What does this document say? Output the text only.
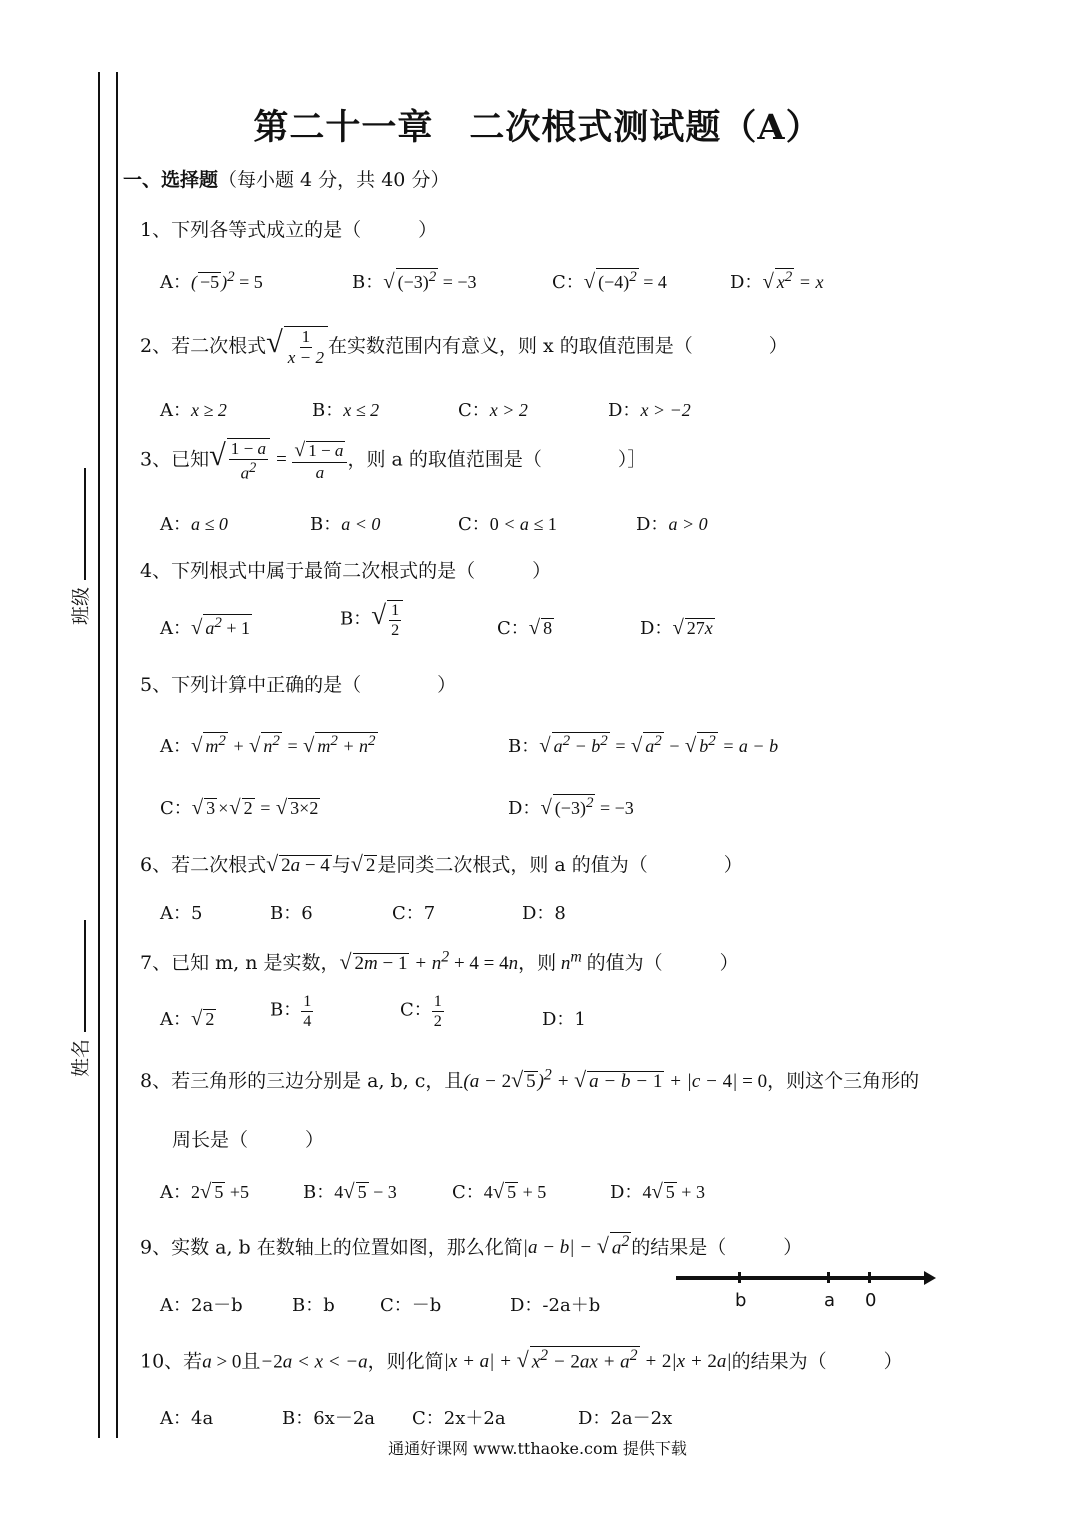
班级
姓名
第二十一章　二次根式测试题（A）
一、选择题（每小题 4 分，共 40 分）
1、下列各等式成立的是（　　　）
A：( −5 )$^2$ = 5	B：√ $(-3)^2 = -3$	C：√ $(-4)^2 = 4$	D：√ $x^2 = x$
2、若二次根式√ $\frac{1}{x - 2}$ 在实数范围内有意义，则 x 的取值范围是（　　　　）
A：x ≥ 2	B：x ≤ 2	C：x > 2	D：x > −2
3、已知√ $\frac{1 - a}{a^2} = \frac{√ 1 - a}{a}$ ，则 a 的取值范围是（　　　　）］
A：a ≤ 0	B：a < 0	C：0 < a ≤ 1	D：a > 0
4、下列根式中属于最简二次根式的是（　　　）
A：√ $a^2 + 1$	B：√ $\frac{1}{2}$	C：√ 8	D：√ 27x
5、下列计算中正确的是（　　　　）
A：√ $m^2$ + √ $n^2$ = √ $m^2 + n^2$	B：√ $a^2 - b^2$ = √ $a^2$ − √ $b^2 = a - b$
C：√ 3 ×√ 2 = √ 3×2	D：√ $(-3)^2 = -3$
6、若二次根式√ 2a − 4 与√ 2 是同类二次根式，则 a 的值为（　　　　）
A：5	B：6	C：7	D：8
7、已知 m, n 是实数，√ $2m - 1 + n^2 + 4 = 4n$，则 $n^m$ 的值为（　　　）
A：√ 2	B： $\frac{1}{4}$	C： $\frac{1}{2}$	D：1
8、若三角形的三边分别是 a, b, c，且(a − 2√ 5 )$^2$ + √ a − b − 1 + |c − 4| = 0，则这个三角形的
周长是（　　　）
A：2√ 5 +5	B：4√ 5 − 3	C：4√ 5 + 5	D：4√ 5 + 3
9、实数 a, b 在数轴上的位置如图，那么化简|a − b| − √ $a^2$ 的结果是（　　　）
A：2a－b	B：b	C：－b	D：-2a＋b	b	a 0
10、若a > 0且−2a < x < −a，则化简|x + a| + √ $x^2 - 2ax + a^2 + 2|x + 2a|$的结果为（　　　）
A：4a	B：6x－2a C：2x＋2a	D：2a－2x
通通好课网 www.tthaoke.com 提供下载
